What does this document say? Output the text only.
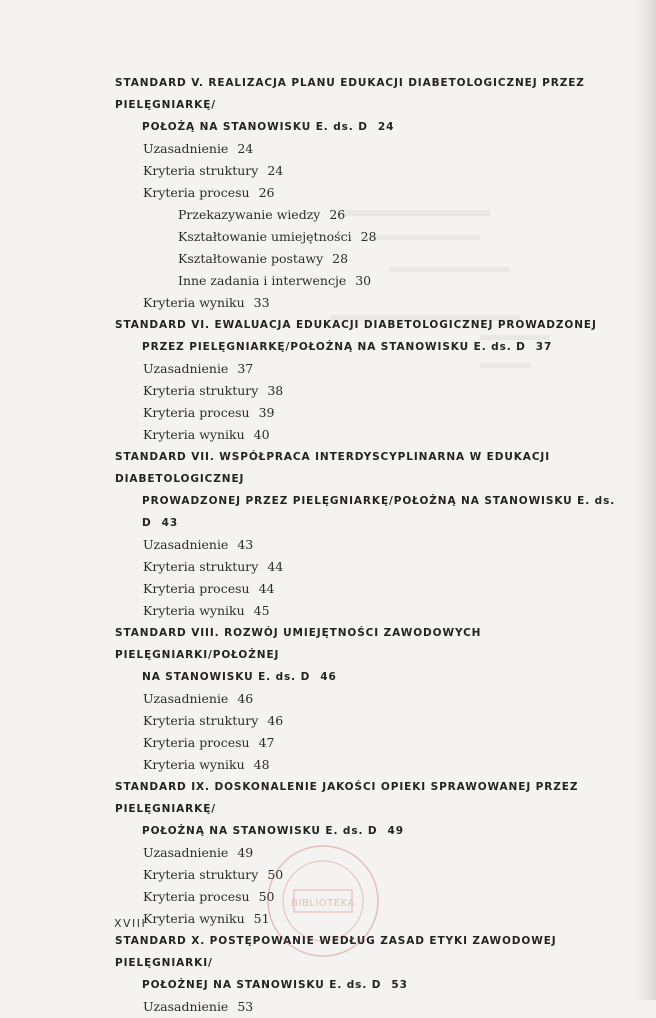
STANDARD V. REALIZACJA PLANU EDUKACJI DIABETOLOGICZNEJ PRZEZ PIELĘGNIARKĘ/
POŁOŻĄ NA STANOWISKU E. ds. D 24
Uzasadnienie 24
Kryteria struktury 24
Kryteria procesu 26
Przekazywanie wiedzy 26
Kształtowanie umiejętności 28
Kształtowanie postawy 28
Inne zadania i interwencje 30
Kryteria wyniku 33
STANDARD VI. EWALUACJA EDUKACJI DIABETOLOGICZNEJ PROWADZONEJ
PRZEZ PIELĘGNIARKĘ/POŁOŻNĄ NA STANOWISKU E. ds. D 37
Uzasadnienie 37
Kryteria struktury 38
Kryteria procesu 39
Kryteria wyniku 40
STANDARD VII. WSPÓŁPRACA INTERDYSCYPLINARNA W EDUKACJI DIABETOLOGICZNEJ
PROWADZONEJ PRZEZ PIELĘGNIARKĘ/POŁOŻNĄ NA STANOWISKU E. ds. D 43
Uzasadnienie 43
Kryteria struktury 44
Kryteria procesu 44
Kryteria wyniku 45
STANDARD VIII. ROZWÓJ UMIEJĘTNOŚCI ZAWODOWYCH PIELĘGNIARKI/POŁOŻNEJ
NA STANOWISKU E. ds. D 46
Uzasadnienie 46
Kryteria struktury 46
Kryteria procesu 47
Kryteria wyniku 48
STANDARD IX. DOSKONALENIE JAKOŚCI OPIEKI SPRAWOWANEJ PRZEZ PIELĘGNIARKĘ/
POŁOŻNĄ NA STANOWISKU E. ds. D 49
Uzasadnienie 49
Kryteria struktury 50
Kryteria procesu 50
Kryteria wyniku 51
STANDARD X. POSTĘPOWANIE WEDŁUG ZASAD ETYKI ZAWODOWEJ PIELĘGNIARKI/
POŁOŻNEJ NA STANOWISKU E. ds. D 53
Uzasadnienie 53
XVIII
BIBLIOTEKA
